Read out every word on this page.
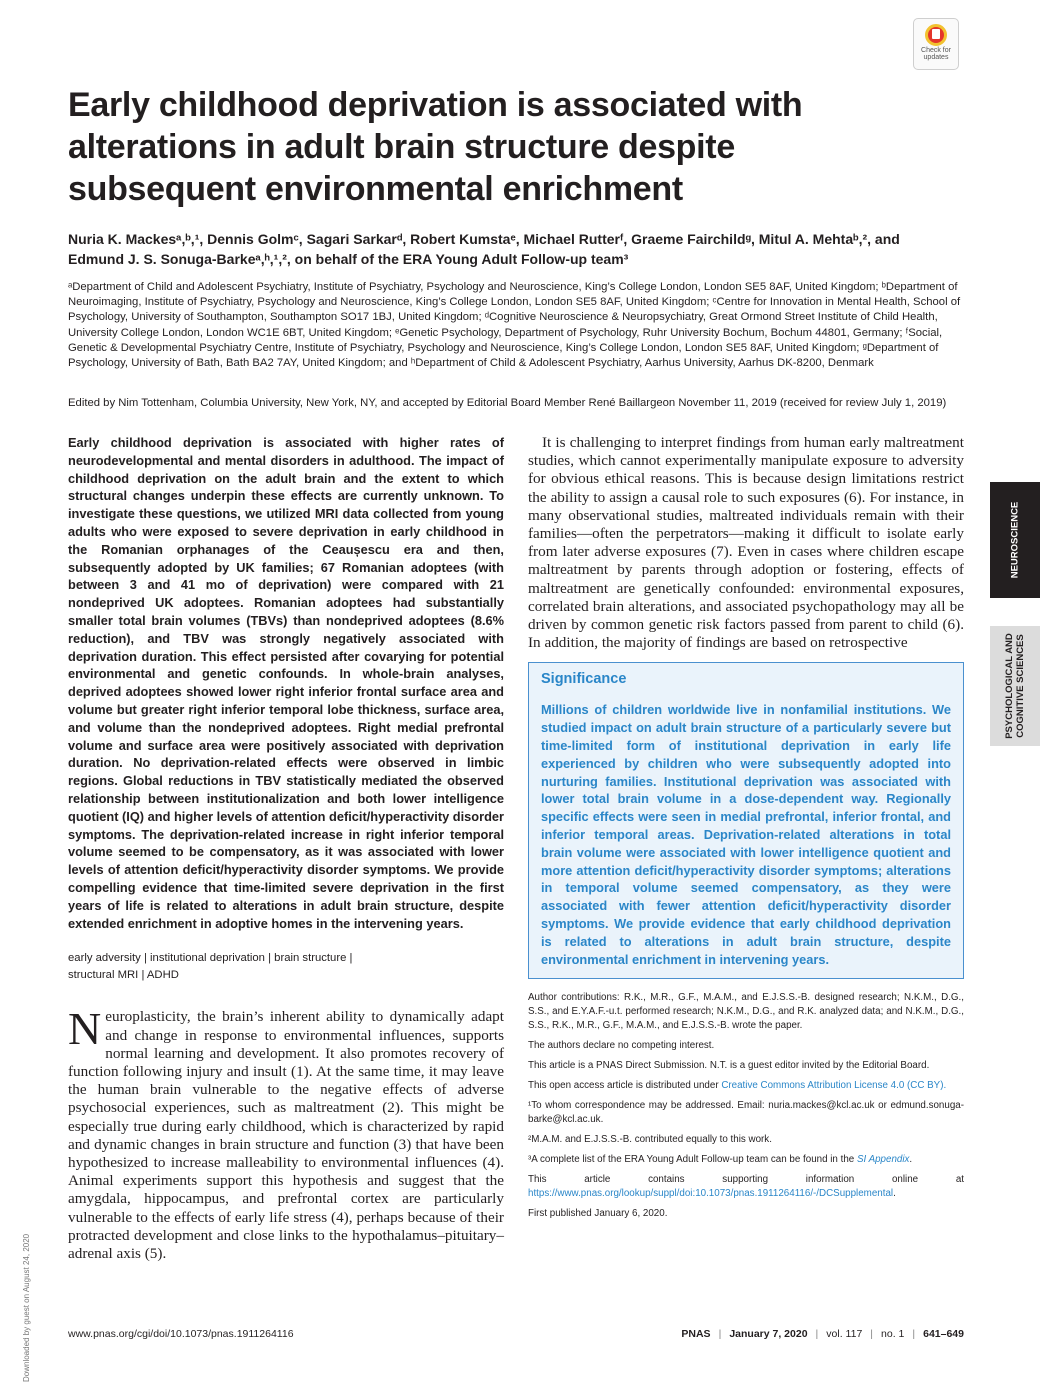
Check for
updates
Early childhood deprivation is associated with alterations in adult brain structure despite subsequent environmental enrichment

Nuria K. Mackesᵃ,ᵇ,¹, Dennis Golmᶜ, Sagari Sarkarᵈ, Robert Kumstaᵉ, Michael Rutterᶠ, Graeme Fairchildᵍ, Mitul A. Mehtaᵇ,², and Edmund J. S. Sonuga-Barkeᵃ,ʰ,¹,², on behalf of the ERA Young Adult Follow-up team³

ᵃDepartment of Child and Adolescent Psychiatry, Institute of Psychiatry, Psychology and Neuroscience, King’s College London, London SE5 8AF, United Kingdom; ᵇDepartment of Neuroimaging, Institute of Psychiatry, Psychology and Neuroscience, King’s College London, London SE5 8AF, United Kingdom; ᶜCentre for Innovation in Mental Health, School of Psychology, University of Southampton, Southampton SO17 1BJ, United Kingdom; ᵈCognitive Neuroscience & Neuropsychiatry, Great Ormond Street Institute of Child Health, University College London, London WC1E 6BT, United Kingdom; ᵉGenetic Psychology, Department of Psychology, Ruhr University Bochum, Bochum 44801, Germany; ᶠSocial, Genetic & Developmental Psychiatry Centre, Institute of Psychiatry, Psychology and Neuroscience, King’s College London, London SE5 8AF, United Kingdom; ᵍDepartment of Psychology, University of Bath, Bath BA2 7AY, United Kingdom; and ʰDepartment of Child & Adolescent Psychiatry, Aarhus University, Aarhus DK-8200, Denmark

Edited by Nim Tottenham, Columbia University, New York, NY, and accepted by Editorial Board Member René Baillargeon November 11, 2019 (received for review July 1, 2019)

Early childhood deprivation is associated with higher rates of neurodevelopmental and mental disorders in adulthood. The impact of childhood deprivation on the adult brain and the extent to which structural changes underpin these effects are currently unknown. To investigate these questions, we utilized MRI data collected from young adults who were exposed to severe deprivation in early childhood in the Romanian orphanages of the Ceaușescu era and then, subsequently adopted by UK families; 67 Romanian adoptees (with between 3 and 41 mo of deprivation) were compared with 21 nondeprived UK adoptees. Romanian adoptees had substantially smaller total brain volumes (TBVs) than nondeprived adoptees (8.6% reduction), and TBV was strongly negatively associated with deprivation duration. This effect persisted after covarying for potential environmental and genetic confounds. In whole-brain analyses, deprived adoptees showed lower right inferior frontal surface area and volume but greater right inferior temporal lobe thickness, surface area, and volume than the nondeprived adoptees. Right medial prefrontal volume and surface area were positively associated with deprivation duration. No deprivation-related effects were observed in limbic regions. Global reductions in TBV statistically mediated the observed relationship between institutionalization and both lower intelligence quotient (IQ) and higher levels of attention deficit/hyperactivity disorder symptoms. The deprivation-related increase in right inferior temporal volume seemed to be compensatory, as it was associated with lower levels of attention deficit/hyperactivity disorder symptoms. We provide compelling evidence that time-limited severe deprivation in the first years of life is related to alterations in adult brain structure, despite extended enrichment in adoptive homes in the intervening years.

early adversity | institutional deprivation | brain structure |
structural MRI | ADHD

Neuroplasticity, the brain’s inherent ability to dynamically adapt and change in response to environmental influences, supports normal learning and development. It also promotes recovery of function following injury and insult (1). At the same time, it may leave the human brain vulnerable to the negative effects of adverse psychosocial experiences, such as maltreatment (2). This might be especially true during early childhood, which is characterized by rapid and dynamic changes in brain structure and function (3) that have been hypothesized to increase malleability to environmental influences (4). Animal experiments support this hypothesis and suggest that the amygdala, hippocampus, and prefrontal cortex are particularly vulnerable to the effects of early life stress (4), perhaps because of their protracted development and close links to the hypothalamus–pituitary–adrenal axis (5).

It is challenging to interpret findings from human early maltreatment studies, which cannot experimentally manipulate exposure to adversity for obvious ethical reasons. This is because design limitations restrict the ability to assign a causal role to such exposures (6). For instance, in many observational studies, maltreated individuals remain with their families—often the perpetrators—making it difficult to isolate early from later adverse exposures (7). Even in cases where children escape maltreatment by parents through adoption or fostering, effects of maltreatment are genetically confounded: environmental exposures, correlated brain alterations, and associated psychopathology may all be driven by common genetic risk factors passed from parent to child (6). In addition, the majority of findings are based on retrospective

Significance

Millions of children worldwide live in nonfamilial institutions. We studied impact on adult brain structure of a particularly severe but time-limited form of institutional deprivation in early life experienced by children who were subsequently adopted into nurturing families. Institutional deprivation was associated with lower total brain volume in a dose-dependent way. Regionally specific effects were seen in medial prefrontal, inferior frontal, and inferior temporal areas. Deprivation-related alterations in total brain volume were associated with lower intelligence quotient and more attention deficit/hyperactivity disorder symptoms; alterations in temporal volume seemed compensatory, as they were associated with fewer attention deficit/hyperactivity disorder symptoms. We provide evidence that early childhood deprivation is related to alterations in adult brain structure, despite environmental enrichment in intervening years.

Author contributions: R.K., M.R., G.F., M.A.M., and E.J.S.S.-B. designed research; N.K.M., D.G., S.S., and E.Y.A.F.-u.t. performed research; N.K.M., D.G., and R.K. analyzed data; and N.K.M., D.G., S.S., R.K., M.R., G.F., M.A.M., and E.J.S.S.-B. wrote the paper.

The authors declare no competing interest.

This article is a PNAS Direct Submission. N.T. is a guest editor invited by the Editorial Board.

This open access article is distributed under Creative Commons Attribution License 4.0 (CC BY).

¹To whom correspondence may be addressed. Email: nuria.mackes@kcl.ac.uk or edmund.sonuga-barke@kcl.ac.uk.

²M.A.M. and E.J.S.S.-B. contributed equally to this work.

³A complete list of the ERA Young Adult Follow-up team can be found in the SI Appendix.

This article contains supporting information online at https://www.pnas.org/lookup/suppl/doi:10.1073/pnas.1911264116/-/DCSupplemental.

First published January 6, 2020.

NEUROSCIENCE
PSYCHOLOGICAL AND COGNITIVE SCIENCES
www.pnas.org/cgi/doi/10.1073/pnas.1911264116	PNAS | January 7, 2020 | vol. 117 | no. 1 | 641–649
Downloaded by guest on August 24, 2020
